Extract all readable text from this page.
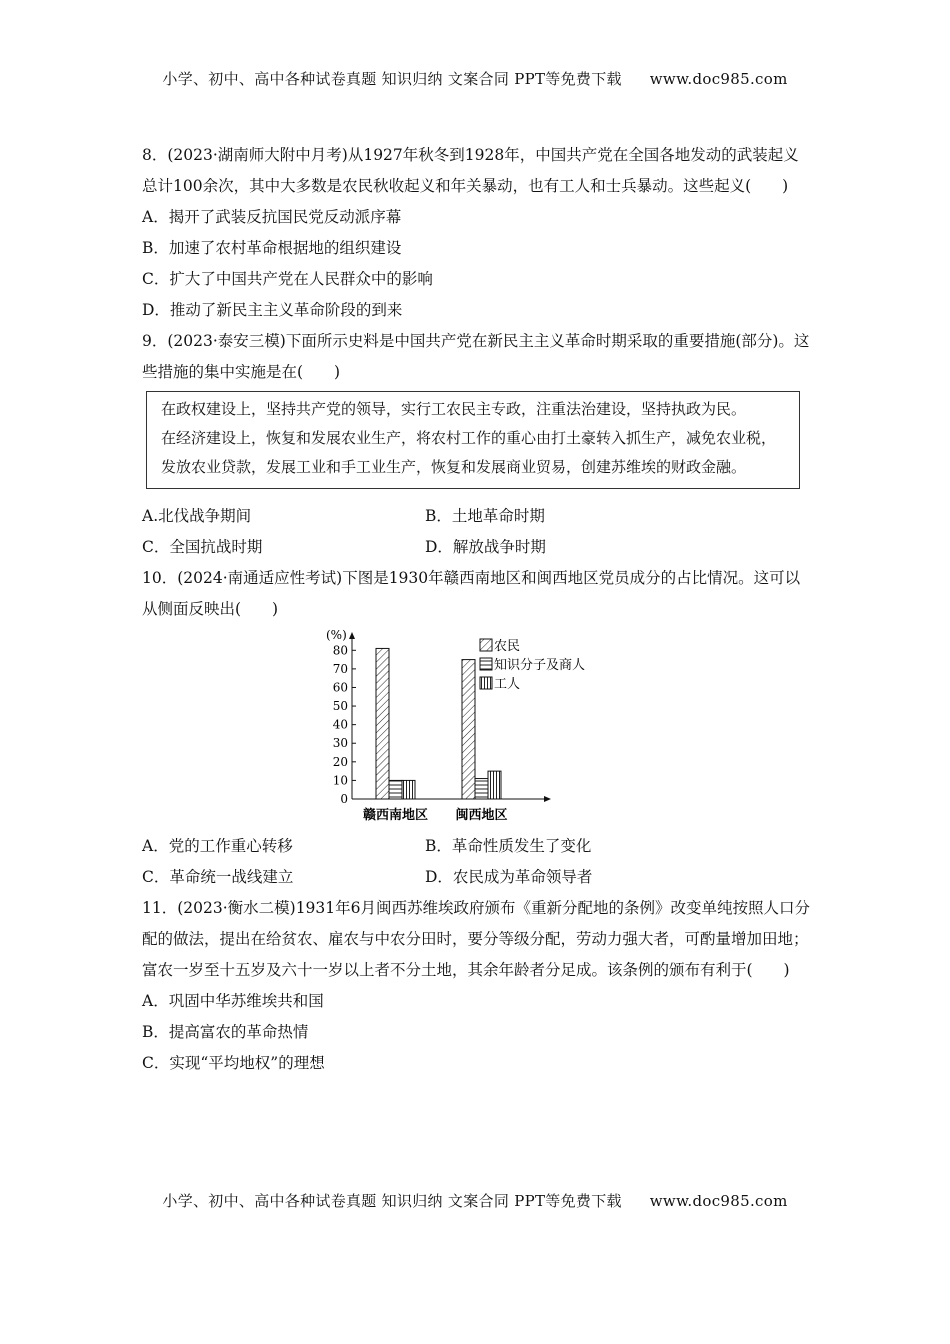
小学、初中、高中各种试卷真题 知识归纳 文案合同 PPT等免费下载 www.doc985.com

8．(2023·湖南师大附中月考)从1927年秋冬到1928年，中国共产党在全国各地发动的武装起义总计100余次，其中大多数是农民秋收起义和年关暴动，也有工人和士兵暴动。这些起义(　　)

A．揭开了武装反抗国民党反动派序幕

B．加速了农村革命根据地的组织建设

C．扩大了中国共产党在人民群众中的影响

D．推动了新民主主义革命阶段的到来

9．(2023·泰安三模)下面所示史料是中国共产党在新民主主义革命时期采取的重要措施(部分)。这些措施的集中实施是在(　　)

在政权建设上，坚持共产党的领导，实行工农民主专政，注重法治建设，坚持执政为民。

在经济建设上，恢复和发展农业生产，将农村工作的重心由打土豪转入抓生产，减免农业税，发放农业贷款，发展工业和手工业生产，恢复和发展商业贸易，创建苏维埃的财政金融。

A.北伐战争期间	B．土地革命时期
C．全国抗战时期	D．解放战争时期

10．(2024·南通适应性考试)下图是1930年赣西南地区和闽西地区党员成分的占比情况。这可以从侧面反映出(　　)

(%)
0
10
20
30
40
50
60
70
80
赣西南地区 闽西地区
农民
知识分子及商人
工人
A．党的工作重心转移	B．革命性质发生了变化
C．革命统一战线建立	D．农民成为革命领导者

11．(2023·衡水二模)1931年6月闽西苏维埃政府颁布《重新分配地的条例》改变单纯按照人口分配的做法，提出在给贫农、雇农与中农分田时，要分等级分配，劳动力强大者，可酌量增加田地；富农一岁至十五岁及六十一岁以上者不分土地，其余年龄者分足成。该条例的颁布有利于(　　)

A．巩固中华苏维埃共和国

B．提高富农的革命热情

C．实现“平均地权”的理想

小学、初中、高中各种试卷真题 知识归纳 文案合同 PPT等免费下载 www.doc985.com
